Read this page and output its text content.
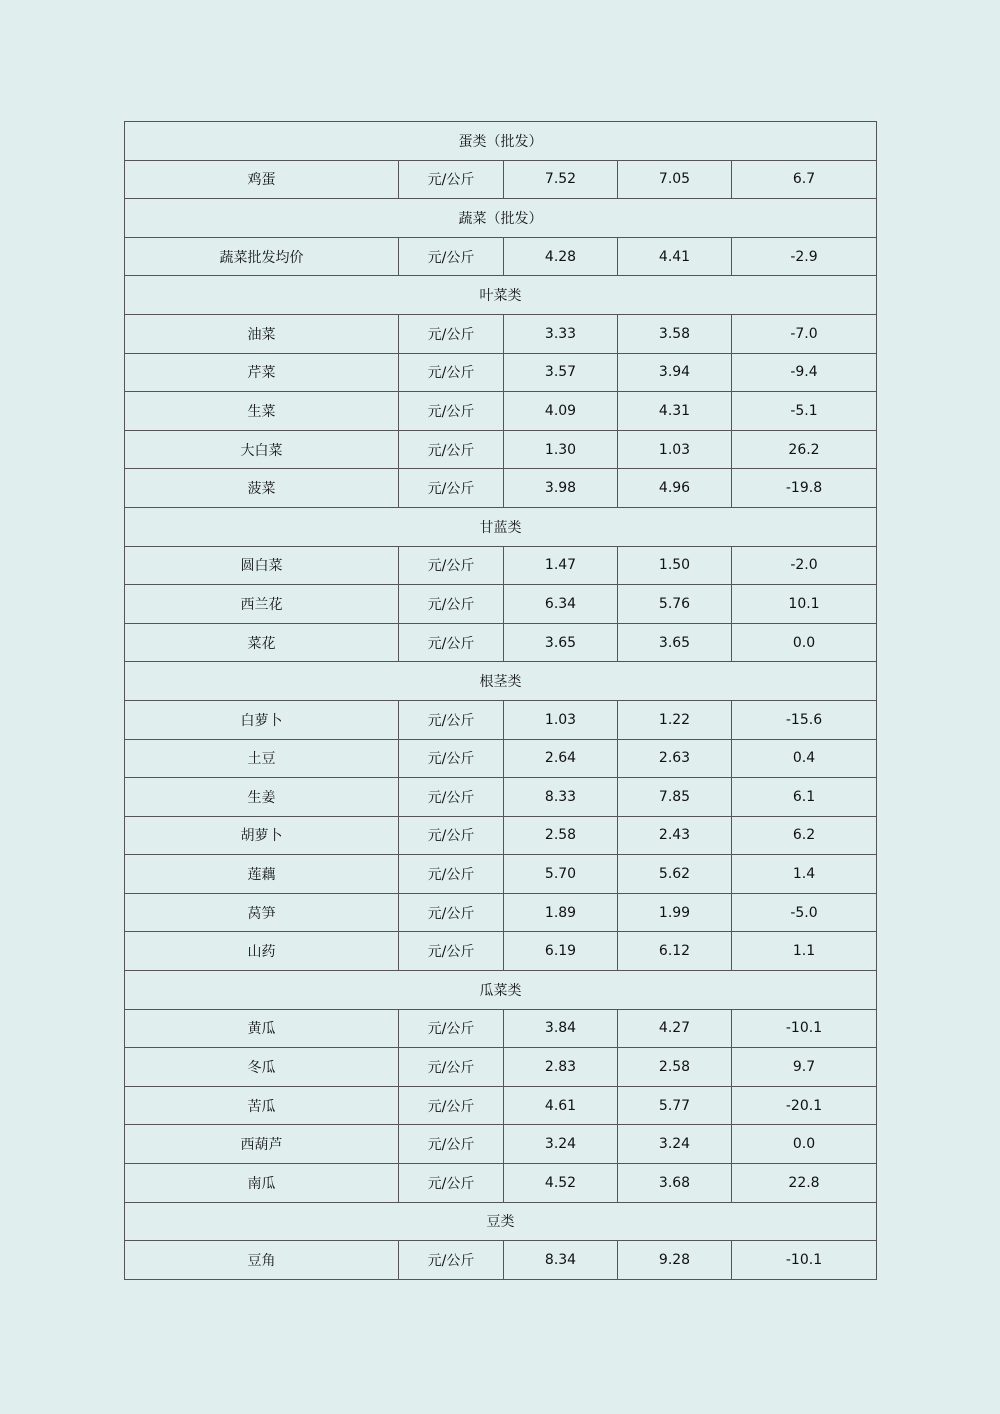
蛋类（批发）				
鸡蛋	元/公斤	7.52	7.05	6.7
蔬菜（批发）				
蔬菜批发均价	元/公斤	4.28	4.41	-2.9
叶菜类				
油菜	元/公斤	3.33	3.58	-7.0
芹菜	元/公斤	3.57	3.94	-9.4
生菜	元/公斤	4.09	4.31	-5.1
大白菜	元/公斤	1.30	1.03	26.2
菠菜	元/公斤	3.98	4.96	-19.8
甘蓝类				
圆白菜	元/公斤	1.47	1.50	-2.0
西兰花	元/公斤	6.34	5.76	10.1
菜花	元/公斤	3.65	3.65	0.0
根茎类				
白萝卜	元/公斤	1.03	1.22	-15.6
土豆	元/公斤	2.64	2.63	0.4
生姜	元/公斤	8.33	7.85	6.1
胡萝卜	元/公斤	2.58	2.43	6.2
莲藕	元/公斤	5.70	5.62	1.4
莴笋	元/公斤	1.89	1.99	-5.0
山药	元/公斤	6.19	6.12	1.1
瓜菜类				
黄瓜	元/公斤	3.84	4.27	-10.1
冬瓜	元/公斤	2.83	2.58	9.7
苦瓜	元/公斤	4.61	5.77	-20.1
西葫芦	元/公斤	3.24	3.24	0.0
南瓜	元/公斤	4.52	3.68	22.8
豆类				
豆角	元/公斤	8.34	9.28	-10.1
